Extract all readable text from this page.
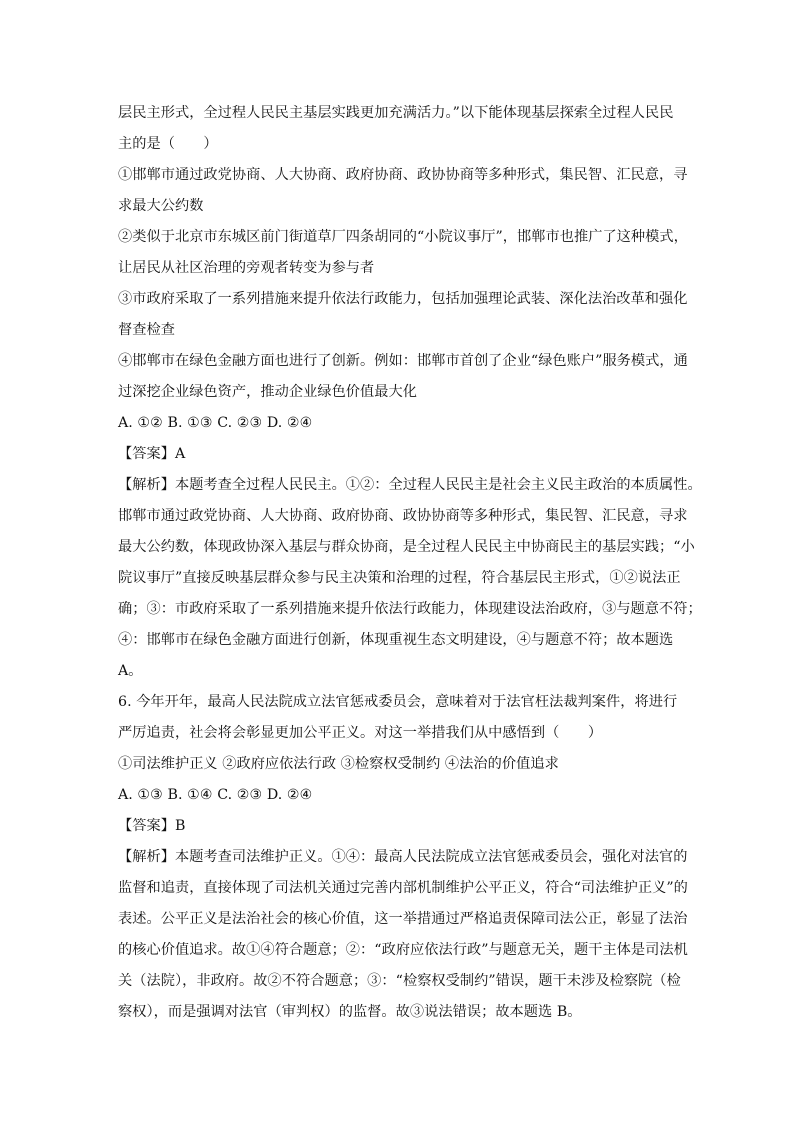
层民主形式，全过程人民民主基层实践更加充满活力。”以下能体现基层探索全过程人民民
主的是（　　）
①邯郸市通过政党协商、人大协商、政府协商、政协协商等多种形式，集民智、汇民意，寻
求最大公约数
②类似于北京市东城区前门街道草厂四条胡同的“小院议事厅”，邯郸市也推广了这种模式，
让居民从社区治理的旁观者转变为参与者
③市政府采取了一系列措施来提升依法行政能力，包括加强理论武装、深化法治改革和强化
督查检查
④邯郸市在绿色金融方面也进行了创新。例如：邯郸市首创了企业“绿色账户”服务模式，通
过深挖企业绿色资产，推动企业绿色价值最大化
A. ①② B. ①③ C. ②③ D. ②④
【答案】A
【解析】本题考查全过程人民民主。①②：全过程人民民主是社会主义民主政治的本质属性。
邯郸市通过政党协商、人大协商、政府协商、政协协商等多种形式，集民智、汇民意，寻求
最大公约数，体现政协深入基层与群众协商，是全过程人民民主中协商民主的基层实践；“小
院议事厅”直接反映基层群众参与民主决策和治理的过程，符合基层民主形式，①②说法正
确；③：市政府采取了一系列措施来提升依法行政能力，体现建设法治政府，③与题意不符；
④：邯郸市在绿色金融方面进行创新，体现重视生态文明建设，④与题意不符；故本题选
A。
6. 今年开年，最高人民法院成立法官惩戒委员会，意味着对于法官枉法裁判案件，将进行
严厉追责，社会将会彰显更加公平正义。对这一举措我们从中感悟到（　　）
①司法维护正义 ②政府应依法行政 ③检察权受制约 ④法治的价值追求
A. ①③ B. ①④ C. ②③ D. ②④
【答案】B
【解析】本题考查司法维护正义。①④：最高人民法院成立法官惩戒委员会，强化对法官的
监督和追责，直接体现了司法机关通过完善内部机制维护公平正义，符合“司法维护正义”的
表述。公平正义是法治社会的核心价值，这一举措通过严格追责保障司法公正，彰显了法治
的核心价值追求。故①④符合题意；②：“政府应依法行政”与题意无关，题干主体是司法机
关（法院），非政府。故②不符合题意；③：“检察权受制约”错误，题干未涉及检察院（检
察权），而是强调对法官（审判权）的监督。故③说法错误；故本题选 B。
